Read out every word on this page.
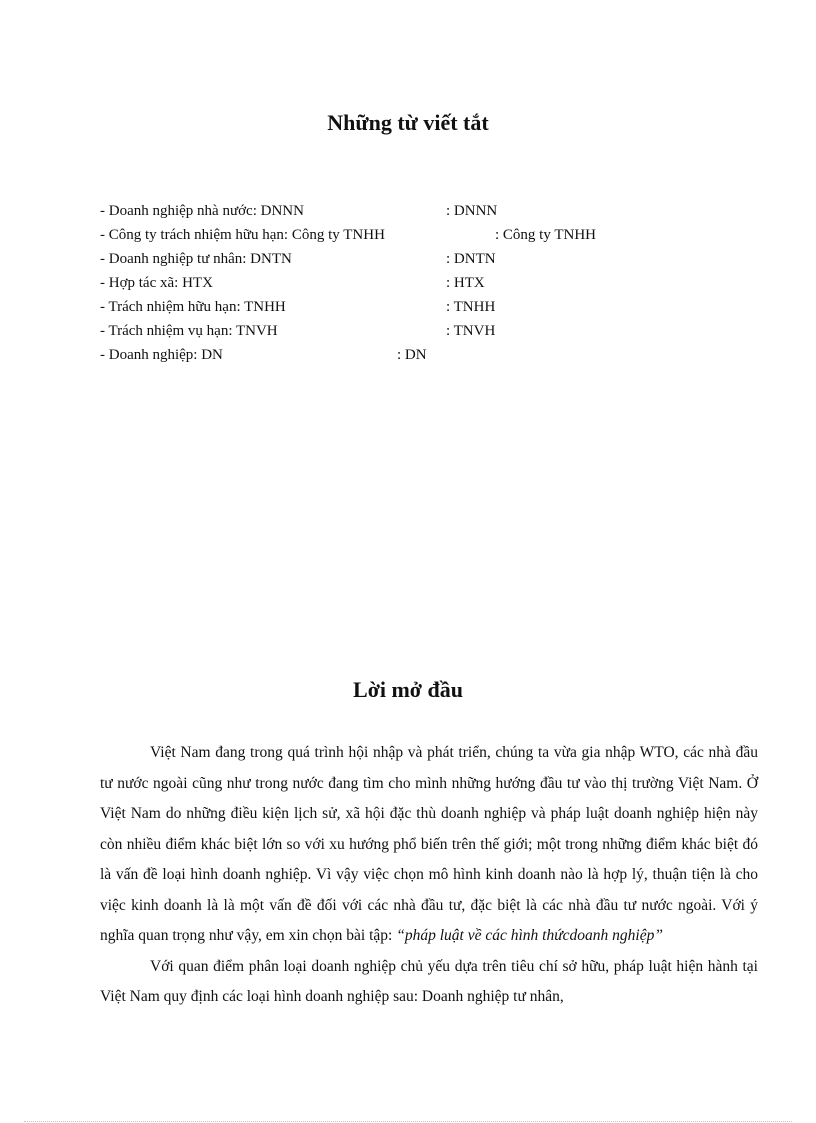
Những từ viết tắt
- Doanh nghiệp nhà nước: DNNN	: DNNN
- Công ty trách nhiệm hữu hạn: Công ty TNHH	: Công ty TNHH
- Doanh nghiệp tư nhân: DNTN	: DNTN
- Hợp tác xã: HTX	: HTX
- Trách nhiệm hữu hạn: TNHH	: TNHH
- Trách nhiệm vụ hạn: TNVH	: TNVH
- Doanh nghiệp: DN	: DN
Lời mở đầu

Việt Nam đang trong quá trình hội nhập và phát triển, chúng ta vừa gia nhập WTO, các nhà đầu tư nước ngoài cũng như trong nước đang tìm cho mình những hướng đầu tư vào thị trường Việt Nam. Ở Việt Nam do những điều kiện lịch sử, xã hội đặc thù doanh nghiệp và pháp luật doanh nghiệp hiện này còn nhiều điểm khác biệt lớn so với xu hướng phổ biến trên thế giới; một trong những điểm khác biệt đó là vấn đề loại hình doanh nghiệp. Vì vậy việc chọn mô hình kinh doanh nào là hợp lý, thuận tiện là cho việc kinh doanh là là một vấn đề đối với các nhà đầu tư, đặc biệt là các nhà đầu tư nước ngoài. Với ý nghĩa quan trọng như vậy, em xin chọn bài tập: “pháp luật về các hình thứcdoanh nghiệp”

Với quan điểm phân loại doanh nghiệp chủ yếu dựa trên tiêu chí sở hữu, pháp luật hiện hành tại Việt Nam quy định các loại hình doanh nghiệp sau: Doanh nghiệp tư nhân,
